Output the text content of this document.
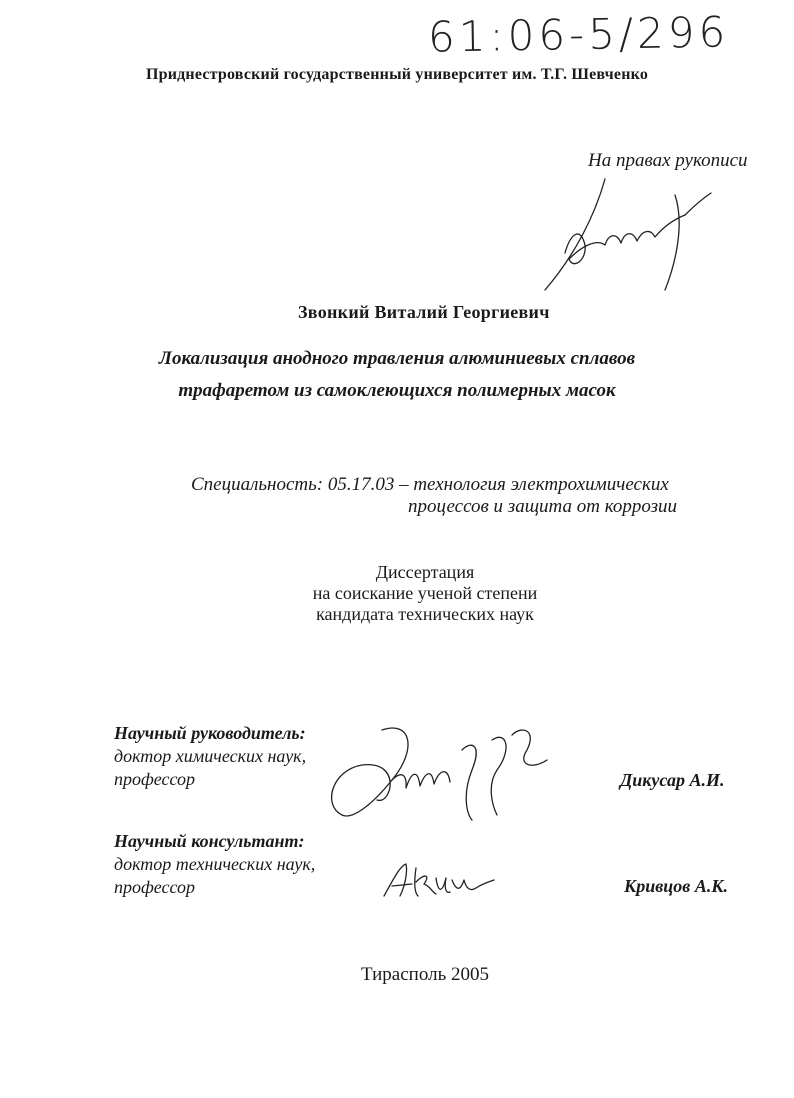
61:06-5/296
Приднестровский государственный университет им. Т.Г. Шевченко
На правах рукописи
Звонкий Виталий Георгиевич
Локализация анодного травления алюминиевых сплавов
трафаретом из самоклеющихся полимерных масок
Специальность: 05.17.03 – технология электрохимических
процессов и защита от коррозии
Диссертация
на соискание ученой степени
кандидата технических наук
Научный руководитель:
доктор химических наук,
профессор	Дикусар А.И.
Научный консультант:
доктор технических наук,
профессор	Кривцов А.К.
Тирасполь 2005
